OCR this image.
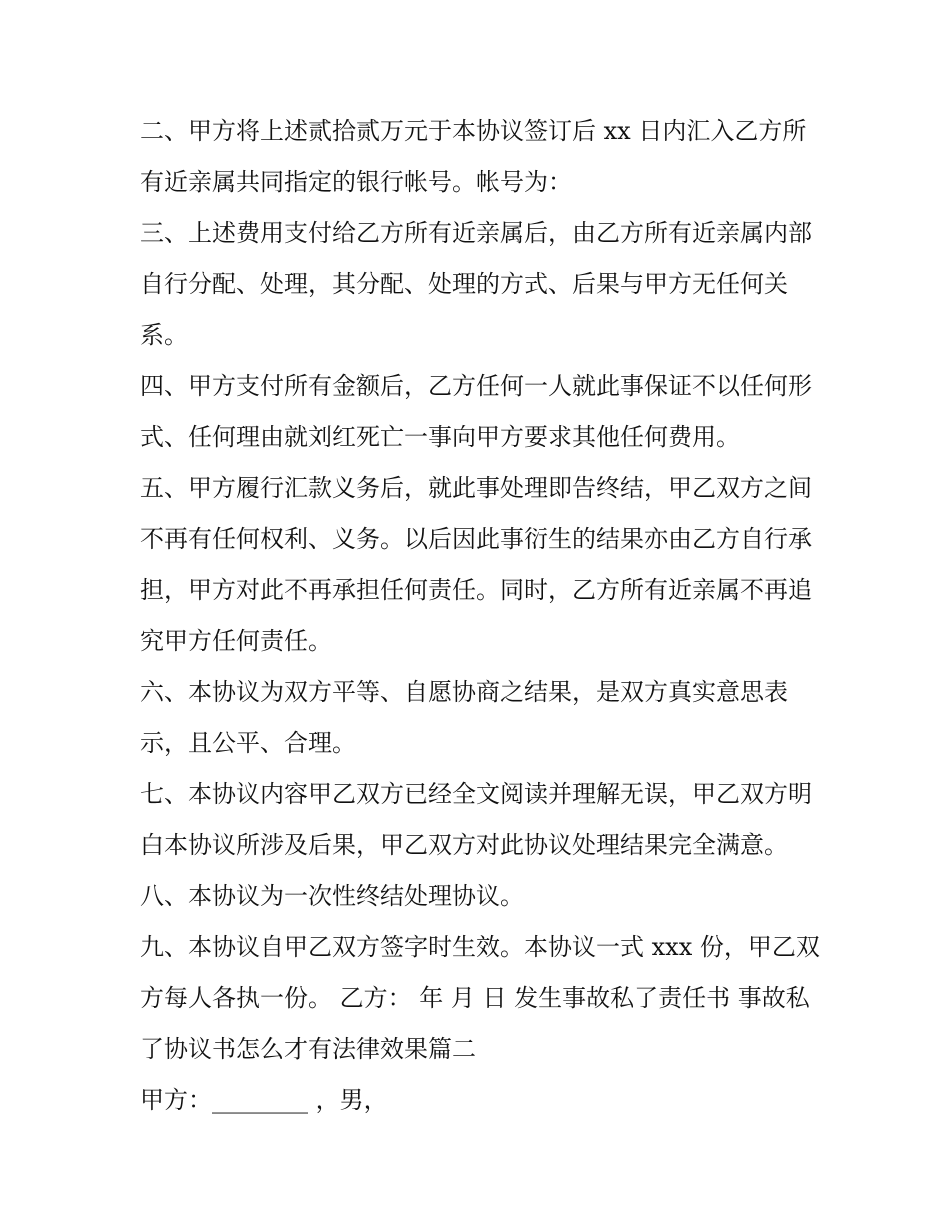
二、甲方将上述贰拾贰万元于本协议签订后 xx 日内汇入乙方所有近亲属共同指定的银行帐号。帐号为：

三、上述费用支付给乙方所有近亲属后，由乙方所有近亲属内部自行分配、处理，其分配、处理的方式、后果与甲方无任何关系。

四、甲方支付所有金额后，乙方任何一人就此事保证不以任何形式、任何理由就刘红死亡一事向甲方要求其他任何费用。

五、甲方履行汇款义务后，就此事处理即告终结，甲乙双方之间不再有任何权利、义务。以后因此事衍生的结果亦由乙方自行承担，甲方对此不再承担任何责任。同时，乙方所有近亲属不再追究甲方任何责任。

六、本协议为双方平等、自愿协商之结果，是双方真实意思表示，且公平、合理。

七、本协议内容甲乙双方已经全文阅读并理解无误，甲乙双方明白本协议所涉及后果，甲乙双方对此协议处理结果完全满意。 八、本协议为一次性终结处理协议。

九、本协议自甲乙双方签字时生效。本协议一式 xxx 份，甲乙双方每人各执一份。 乙方： 年 月 日 发生事故私了责任书 事故私了协议书怎么才有法律效果篇二

甲方：________ ，男，
